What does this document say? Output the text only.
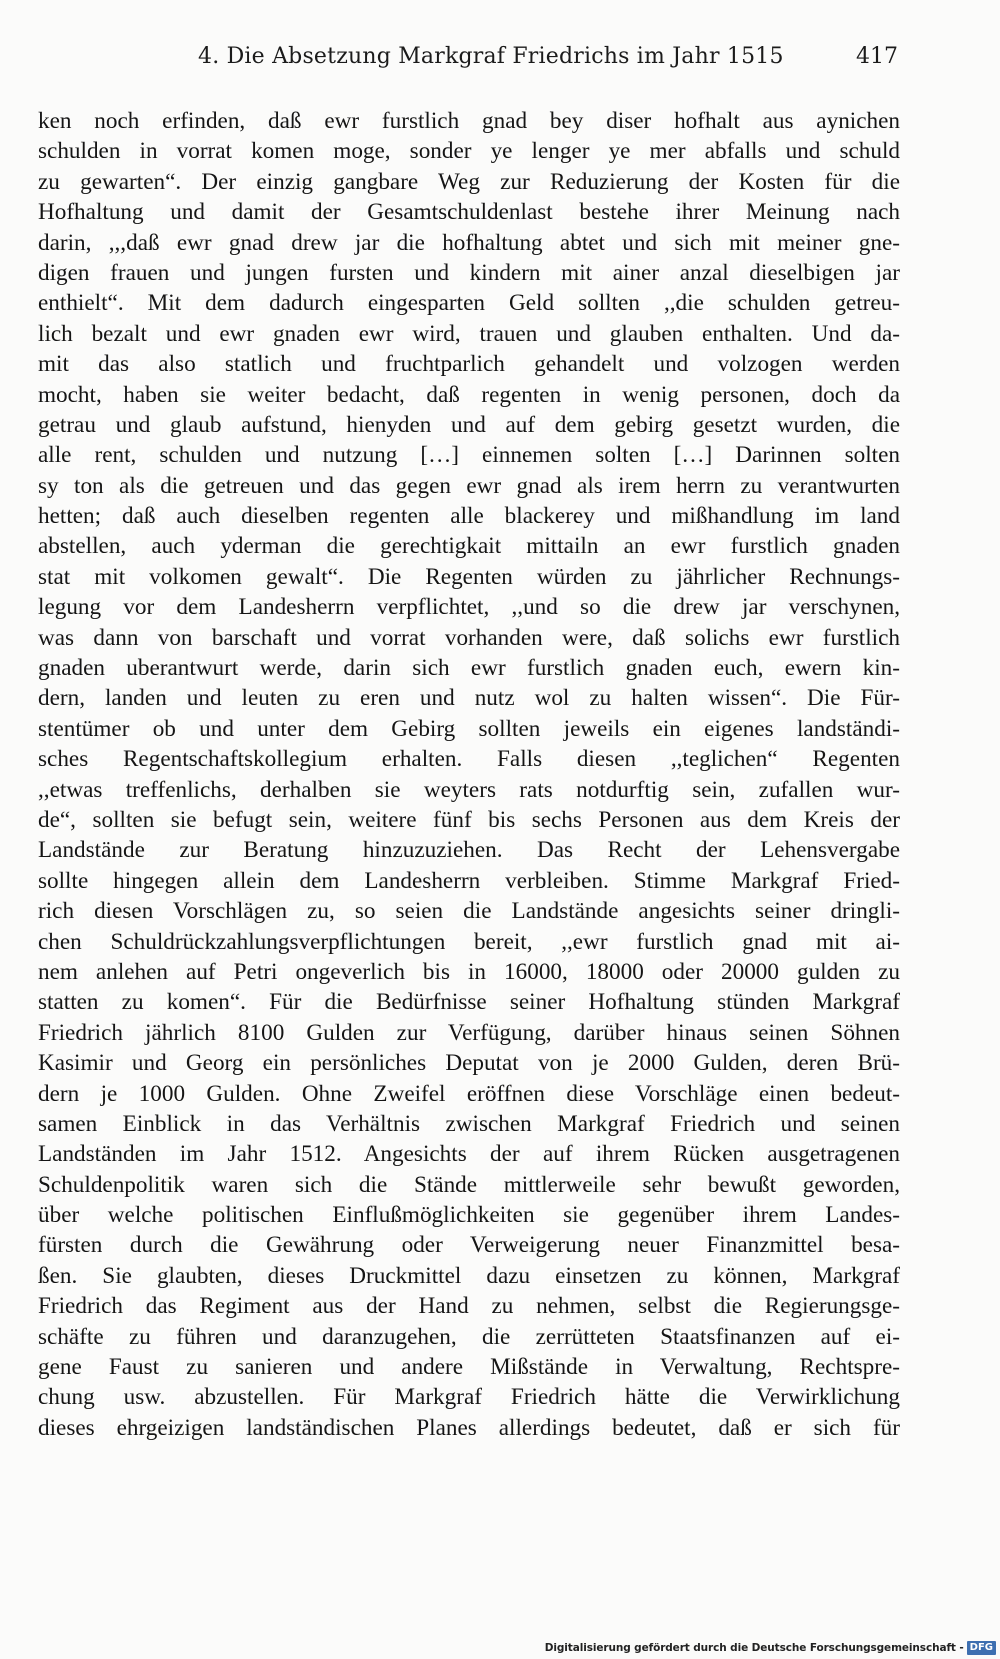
4. Die Absetzung Markgraf Friedrichs im Jahr 1515	417
ken noch erfinden, daß ewr furstlich gnad bey diser hofhalt aus aynichen
schulden in vorrat komen moge, sonder ye lenger ye mer abfalls und schuld
zu gewarten“. Der einzig gangbare Weg zur Reduzierung der Kosten für die
Hofhaltung und damit der Gesamtschuldenlast bestehe ihrer Meinung nach
darin, ,,,daß ewr gnad drew jar die hofhaltung abtet und sich mit meiner gne-
digen frauen und jungen fursten und kindern mit ainer anzal dieselbigen jar
enthielt“. Mit dem dadurch eingesparten Geld sollten ,,die schulden getreu-
lich bezalt und ewr gnaden ewr wird, trauen und glauben enthalten. Und da-
mit das also statlich und fruchtparlich gehandelt und volzogen werden
mocht, haben sie weiter bedacht, daß regenten in wenig personen, doch da
getrau und glaub aufstund, hienyden und auf dem gebirg gesetzt wurden, die
alle rent, schulden und nutzung […] einnemen solten […] Darinnen solten
sy ton als die getreuen und das gegen ewr gnad als irem herrn zu verantwurten
hetten; daß auch dieselben regenten alle blackerey und mißhandlung im land
abstellen, auch yderman die gerechtigkait mittailn an ewr furstlich gnaden
stat mit volkomen gewalt“. Die Regenten würden zu jährlicher Rechnungs-
legung vor dem Landesherrn verpflichtet, ,,und so die drew jar verschynen,
was dann von barschaft und vorrat vorhanden were, daß solichs ewr furstlich
gnaden uberantwurt werde, darin sich ewr furstlich gnaden euch, ewern kin-
dern, landen und leuten zu eren und nutz wol zu halten wissen“. Die Für-
stentümer ob und unter dem Gebirg sollten jeweils ein eigenes landständi-
sches Regentschaftskollegium erhalten. Falls diesen ,,teglichen“ Regenten
,,etwas treffenlichs, derhalben sie weyters rats notdurftig sein, zufallen wur-
de“, sollten sie befugt sein, weitere fünf bis sechs Personen aus dem Kreis der
Landstände zur Beratung hinzuzuziehen. Das Recht der Lehensvergabe
sollte hingegen allein dem Landesherrn verbleiben. Stimme Markgraf Fried-
rich diesen Vorschlägen zu, so seien die Landstände angesichts seiner dringli-
chen Schuldrückzahlungsverpflichtungen bereit, ,,ewr furstlich gnad mit ai-
nem anlehen auf Petri ongeverlich bis in 16000, 18000 oder 20000 gulden zu
statten zu komen“. Für die Bedürfnisse seiner Hofhaltung stünden Markgraf
Friedrich jährlich 8100 Gulden zur Verfügung, darüber hinaus seinen Söhnen
Kasimir und Georg ein persönliches Deputat von je 2000 Gulden, deren Brü-
dern je 1000 Gulden. Ohne Zweifel eröffnen diese Vorschläge einen bedeut-
samen Einblick in das Verhältnis zwischen Markgraf Friedrich und seinen
Landständen im Jahr 1512. Angesichts der auf ihrem Rücken ausgetragenen
Schuldenpolitik waren sich die Stände mittlerweile sehr bewußt geworden,
über welche politischen Einflußmöglichkeiten sie gegenüber ihrem Landes-
fürsten durch die Gewährung oder Verweigerung neuer Finanzmittel besa-
ßen. Sie glaubten, dieses Druckmittel dazu einsetzen zu können, Markgraf
Friedrich das Regiment aus der Hand zu nehmen, selbst die Regierungsge-
schäfte zu führen und daranzugehen, die zerrütteten Staatsfinanzen auf ei-
gene Faust zu sanieren und andere Mißstände in Verwaltung, Rechtspre-
chung usw. abzustellen. Für Markgraf Friedrich hätte die Verwirklichung
dieses ehrgeizigen landständischen Planes allerdings bedeutet, daß er sich für
Digitalisierung gefördert durch die Deutsche Forschungsgemeinschaft - DFG
